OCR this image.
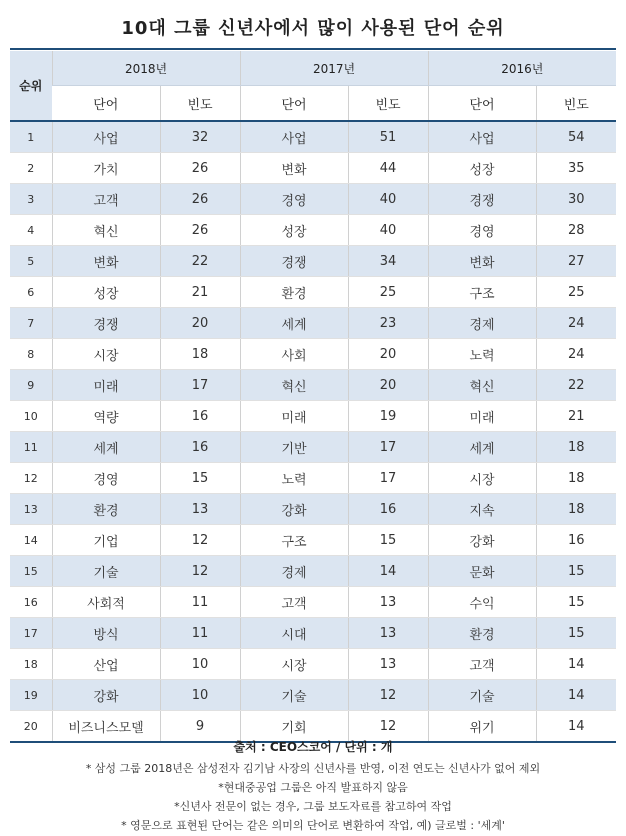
10대 그룹 신년사에서 많이 사용된 단어 순위
순위	2018년		2017년		2016년	
	단어	빈도	단어	빈도	단어	빈도
1	사업	32	사업	51	사업	54
2	가치	26	변화	44	성장	35
3	고객	26	경영	40	경쟁	30
4	혁신	26	성장	40	경영	28
5	변화	22	경쟁	34	변화	27
6	성장	21	환경	25	구조	25
7	경쟁	20	세계	23	경제	24
8	시장	18	사회	20	노력	24
9	미래	17	혁신	20	혁신	22
10	역량	16	미래	19	미래	21
11	세계	16	기반	17	세계	18
12	경영	15	노력	17	시장	18
13	환경	13	강화	16	지속	18
14	기업	12	구조	15	강화	16
15	기술	12	경제	14	문화	15
16	사회적	11	고객	13	수익	15
17	방식	11	시대	13	환경	15
18	산업	10	시장	13	고객	14
19	강화	10	기술	12	기술	14
20	비즈니스모델	9	기회	12	위기	14
출처 : CEO스코어 / 단위 : 개
* 삼성 그룹 2018년은 삼성전자 김기남 사장의 신년사를 반영, 이전 연도는 신년사가 없어 제외
*현대중공업 그룹은 아직 발표하지 않음
*신년사 전문이 없는 경우, 그룹 보도자료를 참고하여 작업
* 영문으로 표현된 단어는 같은 의미의 단어로 변환하여 작업, 예) 글로벌 : '세계'
